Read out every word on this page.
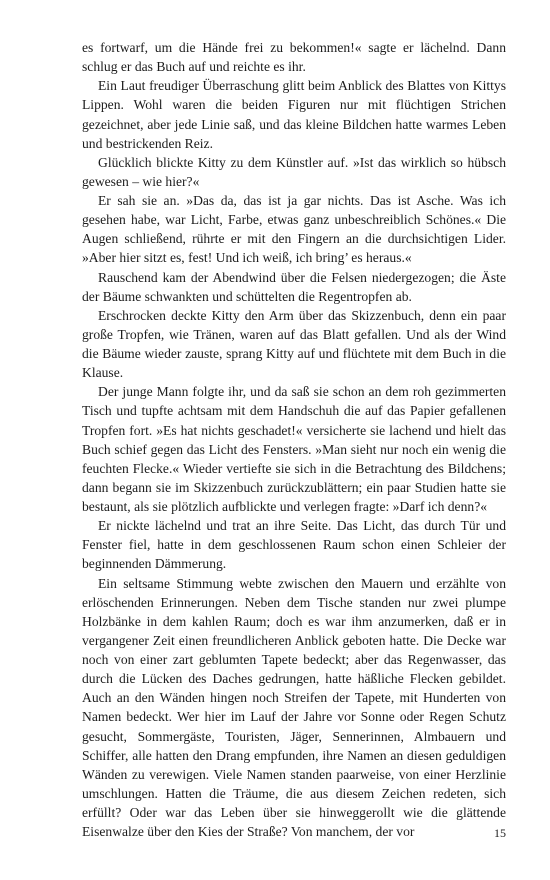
es fortwarf, um die Hände frei zu bekommen!« sagte er lächelnd. Dann schlug er das Buch auf und reichte es ihr.

Ein Laut freudiger Überraschung glitt beim Anblick des Blattes von Kittys Lippen. Wohl waren die beiden Figuren nur mit flüchtigen Strichen gezeichnet, aber jede Linie saß, und das kleine Bildchen hatte warmes Leben und bestrickenden Reiz.

Glücklich blickte Kitty zu dem Künstler auf. »Ist das wirklich so hübsch gewesen – wie hier?«

Er sah sie an. »Das da, das ist ja gar nichts. Das ist Asche. Was ich gesehen habe, war Licht, Farbe, etwas ganz unbeschreiblich Schönes.« Die Augen schließend, rührte er mit den Fingern an die durchsichtigen Lider. »Aber hier sitzt es, fest! Und ich weiß, ich bring’ es heraus.«

Rauschend kam der Abendwind über die Felsen niedergezogen; die Äste der Bäume schwankten und schüttelten die Regentropfen ab.

Erschrocken deckte Kitty den Arm über das Skizzenbuch, denn ein paar große Tropfen, wie Tränen, waren auf das Blatt gefallen. Und als der Wind die Bäume wieder zauste, sprang Kitty auf und flüchtete mit dem Buch in die Klause.

Der junge Mann folgte ihr, und da saß sie schon an dem roh gezimmerten Tisch und tupfte achtsam mit dem Handschuh die auf das Papier gefallenen Tropfen fort. »Es hat nichts geschadet!« versicherte sie lachend und hielt das Buch schief gegen das Licht des Fensters. »Man sieht nur noch ein wenig die feuchten Flecke.« Wieder vertiefte sie sich in die Betrachtung des Bildchens; dann begann sie im Skizzenbuch zurückzublättern; ein paar Studien hatte sie bestaunt, als sie plötzlich aufblickte und verlegen fragte: »Darf ich denn?«

Er nickte lächelnd und trat an ihre Seite. Das Licht, das durch Tür und Fenster fiel, hatte in dem geschlossenen Raum schon einen Schleier der beginnenden Dämmerung.

Ein seltsame Stimmung webte zwischen den Mauern und erzählte von erlöschenden Erinnerungen. Neben dem Tische standen nur zwei plumpe Holzbänke in dem kahlen Raum; doch es war ihm anzumerken, daß er in vergangener Zeit einen freundlicheren Anblick geboten hatte. Die Decke war noch von einer zart geblumten Tapete bedeckt; aber das Regenwasser, das durch die Lücken des Daches gedrungen, hatte häßliche Flecken gebildet. Auch an den Wänden hingen noch Streifen der Tapete, mit Hunderten von Namen bedeckt. Wer hier im Lauf der Jahre vor Sonne oder Regen Schutz gesucht, Sommergäste, Touristen, Jäger, Sennerinnen, Almbauern und Schiffer, alle hatten den Drang empfunden, ihre Namen an diesen geduldigen Wänden zu verewigen. Viele Namen standen paarweise, von einer Herzlinie umschlungen. Hatten die Träume, die aus diesem Zeichen redeten, sich erfüllt? Oder war das Leben über sie hinweggerollt wie die glättende Eisenwalze über den Kies der Straße? Von manchem, der vor	15
